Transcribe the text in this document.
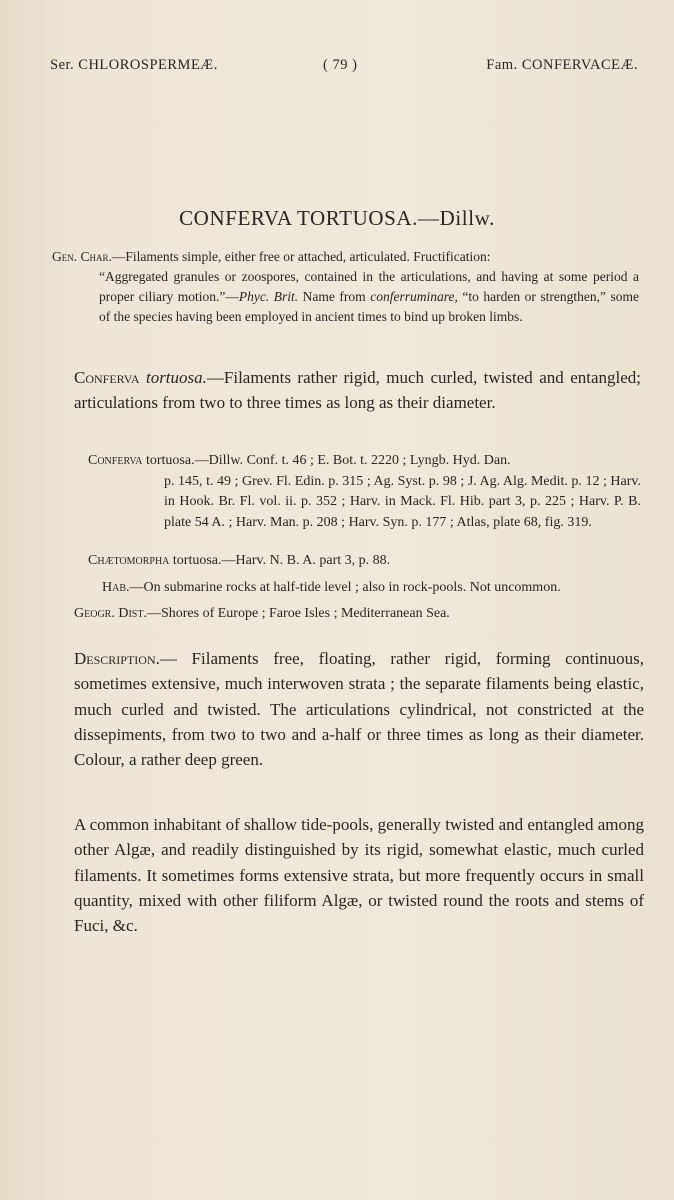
Ser. CHLOROSPERMEÆ.	( 79 )	Fam. CONFERVACEÆ.
CONFERVA TORTUOSA.—Dillw.
Gen. Char.—Filaments simple, either free or attached, articulated. Fructification:
“Aggregated granules or zoospores, contained in the articulations, and having at some period a proper ciliary motion.”—Phyc. Brit. Name from conferruminare, “to harden or strengthen,” some of the species having been employed in ancient times to bind up broken limbs.
Conferva tortuosa.—Filaments rather rigid, much curled, twisted and entangled; articulations from two to three times as long as their diameter.
Conferva tortuosa.—Dillw. Conf. t. 46 ; E. Bot. t. 2220 ; Lyngb. Hyd. Dan.
p. 145, t. 49 ; Grev. Fl. Edin. p. 315 ; Ag. Syst. p. 98 ; J. Ag. Alg. Medit. p. 12 ; Harv. in Hook. Br. Fl. vol. ii. p. 352 ; Harv. in Mack. Fl. Hib. part 3, p. 225 ; Harv. P. B. plate 54 A. ; Harv. Man. p. 208 ; Harv. Syn. p. 177 ; Atlas, plate 68, fig. 319.
Chætomorpha tortuosa.—Harv. N. B. A. part 3, p. 88.
Hab.—On submarine rocks at half-tide level ; also in rock-pools. Not uncommon.
Geogr. Dist.—Shores of Europe ; Faroe Isles ; Mediterranean Sea.
Description.— Filaments free, floating, rather rigid, forming continuous, sometimes extensive, much interwoven strata ; the separate filaments being elastic, much curled and twisted. The articulations cylindrical, not constricted at the dissepiments, from two to two and a-half or three times as long as their diameter. Colour, a rather deep green.
A common inhabitant of shallow tide-pools, generally twisted and entangled among other Algæ, and readily distinguished by its rigid, somewhat elastic, much curled filaments. It sometimes forms extensive strata, but more frequently occurs in small quantity, mixed with other filiform Algæ, or twisted round the roots and stems of Fuci, &c.
